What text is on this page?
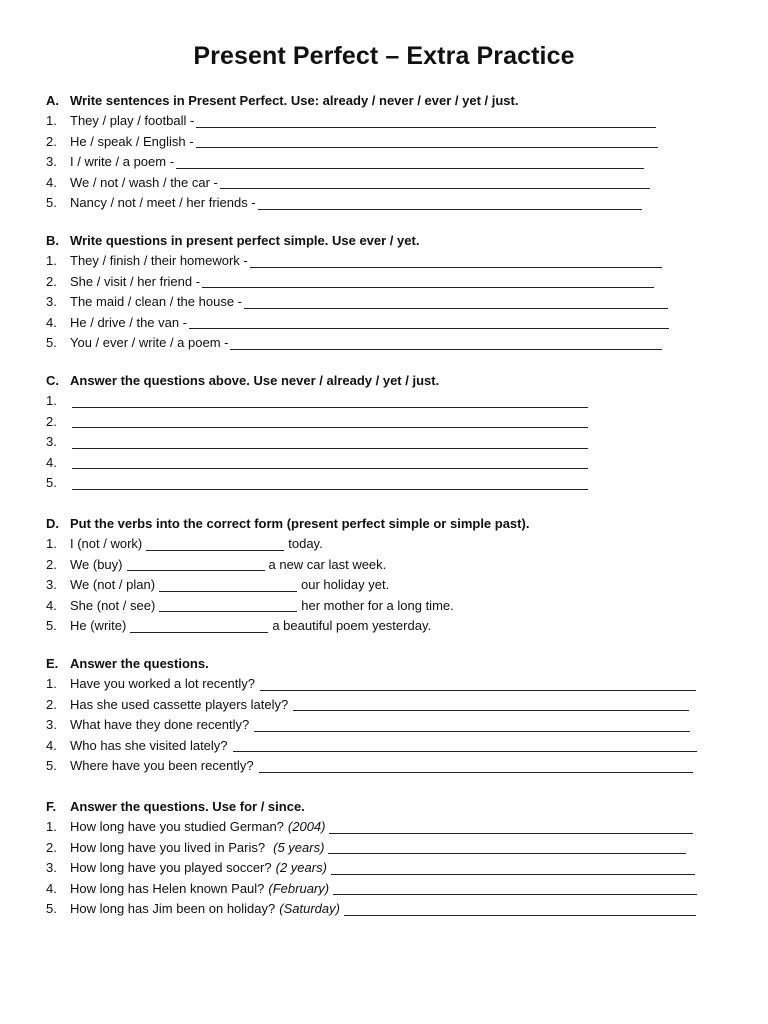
Present Perfect – Extra Practice
A. Write sentences in Present Perfect. Use: already / never / ever / yet / just.
1.	They / play / football -
2.	He / speak / English -
3.	I / write / a poem -
4.	We / not / wash / the car -
5.	Nancy / not / meet / her friends -
B. Write questions in present perfect simple. Use ever / yet.
1.	They / finish / their homework -
2.	She / visit / her friend -
3.	The maid / clean / the house -
4.	He / drive / the van -
5.	You / ever / write / a poem -
C. Answer the questions above. Use never / already / yet / just.
1.
2.
3.
4.
5.
D. Put the verbs into the correct form (present perfect simple or simple past).
1.	I (not / work)	today.
2.	We (buy)	a new car last week.
3.	We (not / plan)	our holiday yet.
4.	She (not / see)	her mother for a long time.
5.	He (write)	a beautiful poem yesterday.
E. Answer the questions.
1.	Have you worked a lot recently?
2.	Has she used cassette players lately?
3.	What have they done recently?
4.	Who has she visited lately?
5.	Where have you been recently?
F.	Answer the questions. Use for / since.
1.	How long have you studied German? (2004)
2.	How long have you lived in Paris? (5 years)
3.	How long have you played soccer? (2 years)
4.	How long has Helen known Paul? (February)
5.	How long has Jim been on holiday? (Saturday)
